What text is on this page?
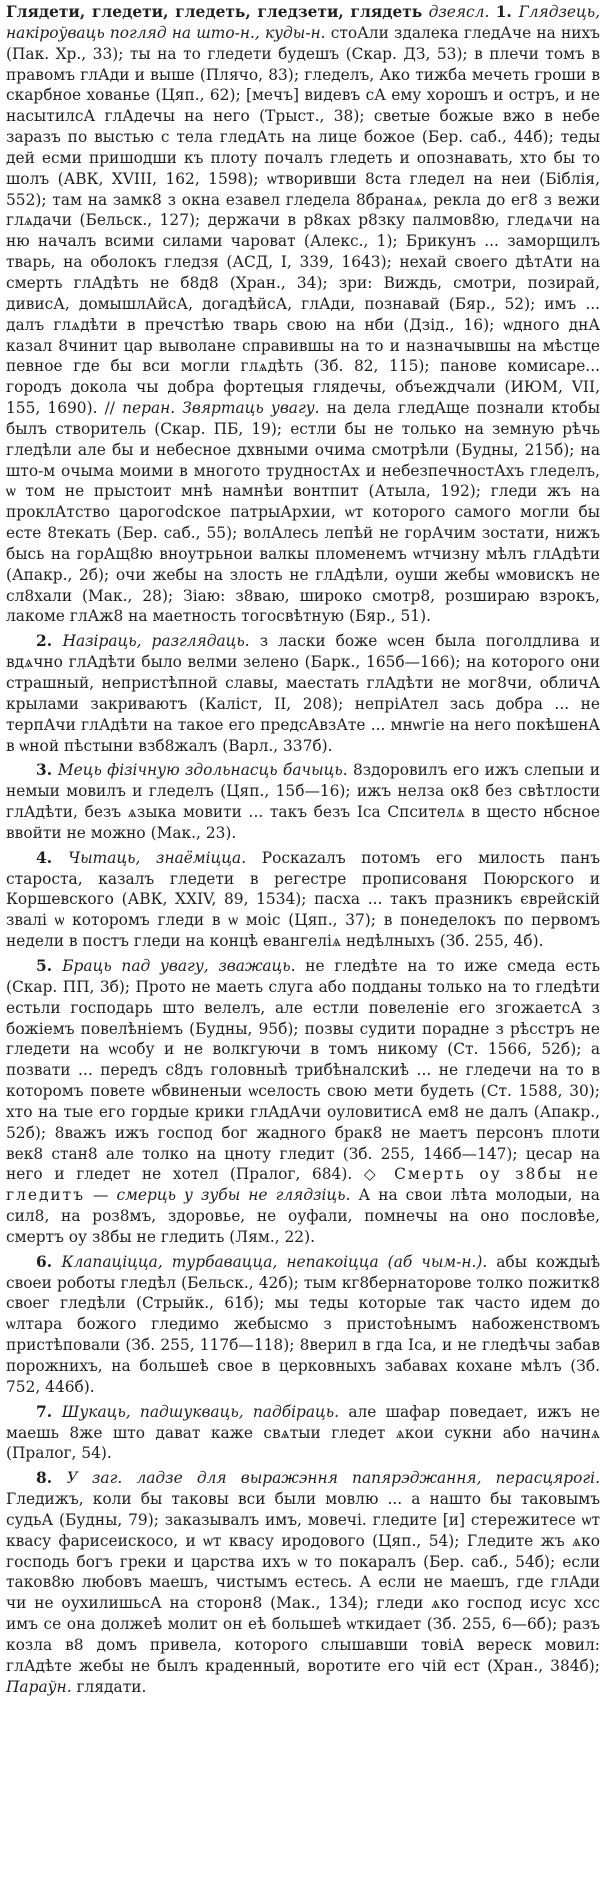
Глядети, гледети, гледеть, гледзети, глядеть дзеясл. 1. Глядзець, накіроўваць погляд на што-н., куды-н. стоАли здалека гледАче на нихъ (Пак. Хр., 33); ты на то гледети будешъ (Скар. ДЗ, 53); в плечи томъ в правомъ глАди и выше (Плячо, 83); гледелъ, Ако тижба мечеть гроши в скарбное хованье (Цяп., 62); [мечъ] видевъ сА ему хорошъ и остръ, и не насытилсА глАдечы на него (Трыст., 38); светые божые вжо в небе заразъ по выстью с тела гледАть на лице божое (Бер. саб., 44б); теды дей есми пришодши къ плоту почалъ гледеть и опознавать, хто бы то шолъ (АВК, XVIII, 162, 1598); ѡтворивши 8ста гледел на неи (Біблія, 552); там на замк8 з окна езавел гледела 8бранаѧ, рекла до ег8 з вежи глѧдачи (Бельск., 127); держачи в р8ках р8зку палмов8ю, гледѧчи на ню началъ всими силами чароват (Алекс., 1); Брикунъ ... заморщилъ тварь, на оболокъ гледзя (АСД, I, 339, 1643); нехай своего дѣтАти на смерть глАдѣть не б8д8 (Хран., 34); зри: Виждь, смотри, позирай, дивисА, домышлАйсА, догадѣйсА, глАди, познавай (Бяр., 52); имъ ... далъ глѧдѣти в пречстѣю тварь свою на нби (Дзід., 16); ѡдного днА казал 8чинит цар выволане справившы на то и назначывшы на мѣстце певное где бы вси могли глѧдѣть (Зб. 82, 115); панове комисаре... городъ докола чы добра фортецыя глядечы, объеждчали (ИЮМ, VII, 155, 1690). // перан. Звяртаць увагу. на дела гледАще познали ктобы былъ створитель (Скар. ПБ, 19); естли бы не только на земную рѣчь гледѣли але бы и небесное дхвными очима смотрѣли (Будны, 215б); на што-м очыма моими в многото трудностАх и небезпечностАхъ гледелъ, ѡ том не прыстоит мнѣ намнѣи вонтпит (Атыла, 192); гледи жъ на проклАтство царогоdское патрыАрхии, ѡт которого самого могли бы есте 8текать (Бер. саб., 55); волАлесь лепѣй не горАчим зостати, нижъ бысь на горАщ8ю вноутрьнои валкы пломенемъ ѡтчизну мѣлъ глАдѣти (Апакр., 2б); очи жебы на злость не глАдѣли, оуши жебы ѡмовискъ не сл8хали (Мак., 28); Зіаю: з8ваю, широко смотр8, розшираю взрокъ, лакоме глАж8 на маетность тогосвѣтную (Бяр., 51).

2. Назіраць, разглядаць. з ласки боже ѡсен была поголдлива и вдѧчно глАдѣти было велми зелено (Барк., 165б—166); на которого они страшный, непристѣпной славы, маестать глАдѣти не мог8чи, обличА крылами закриваютъ (Каліст, II, 208); непріАтел зась добра ... не терпАчи глАдѣти на такое его предсАвзАте ... мнѡгіе на него покѣшенА в ѡной пѣстыни взб8жалъ (Варл., 337б).

3. Мець фізічную здольнасць бачыць. 8здоровилъ его ижъ слепыи и немыи мовилъ и гледелъ (Цяп., 15б—16); ижъ нелза ок8 без свѣтлости глАдѣти, безъ ѧзыка мовити ... такъ безъ Іса Спсителѧ в щесто нбсное ввойти не можно (Мак., 23).

4. Чытаць, знаёміцца. Роскazалъ потомъ его милость панъ староста, казалъ гледети в регестре прописованя Поюрского и Коршевского (АВК, XXIV, 89, 1534); пасха ... такъ празникъ єврейскій звалі ѡ которомъ гледи в ѡ моіс (Цяп., 37); в понеделокъ по первомъ недели в постъ гледи на концѣ евангеліѧ недѣлныхъ (Зб. 255, 4б).

5. Браць пад увагу, зважаць. не гледѣте на то иже смеда есть (Скар. ПП, 3б); Прото не маеть слуга або подданы только на то гледѣти естьли господарь што велелъ, але естли повеленіе его згожаетсА з божіемъ повелѣніемъ (Будны, 95б); позвы судити порадне з рѣсстръ не гледети на ѡсобу и не волкгуючи в томъ никому (Ст. 1566, 52б); а позвати ... передъ с8дъ головныѣ трибѣналскиѣ ... не гледечи на то в которомъ повете ѡбвиненыи ѡселость свою мети будеть (Ст. 1588, 30); хто на тые его гордые крики глАдАчи оуловитисА ем8 не далъ (Апакр., 52б); 8важъ ижъ господ бог жадного брак8 не маетъ персонъ плоти век8 стан8 але толко на цноту гледит (Зб. 255, 146б—147); цесар на него и гледет не хотел (Пралог, 684). ◇ Смерть оу з8бы не гледитъ — смерць у зубы не глядзіць. А на свои лѣта молодыи, на сил8, на роз8мъ, здоровье, не оуфали, помнечы на оно пословѣе, смертъ оу з8бы не гледить (Лям., 22).

6. Клапаціцца, турбавацца, непакоіцца (аб чым-н.). абы кождыѣ своеи роботы гледѣл (Бельск., 42б); тым кг8бернаторове толко пожитк8 своег гледѣли (Стрыйк., 61б); мы теды которые так часто идем до ѡлтара божого гледимо жебысмо з пристоѣнымъ набоженствомъ пристѣповали (Зб. 255, 117б—118); 8верил в гда Іса, и не гледѣчы забав порожнихъ, на большеѣ свое в церковныхъ забавах кохане мѣлъ (Зб. 752, 446б).

7. Шукаць, падшукваць, падбіраць. але шафар поведает, ижъ не маешь 8же што дават каже свѧтыи гледет ѧкои сукни або начинѧ (Пралог, 54).

8. У заг. ладзе для выражэння папярэджання, перасцярогі. Гледижъ, коли бы таковы вси были мовлю ... а нашто бы таковымъ судьА (Будны, 79); заказывалъ имъ, мовечі. гледите [и] стережитесе ѡт квасу фарисеискосо, и ѡт квасу иродового (Цяп., 54); Гледите жъ ѧко господь богъ греки и царства ихъ ѡ то покаралъ (Бер. саб., 54б); если таков8ю любовъ маешъ, чистымъ естесь. А если не маешъ, где глАди чи не оухилишьсА на сторон8 (Мак., 134); гледи ѧко господ исус хсс имъ се она должеѣ молит он еѣ большеѣ ѡткидает (Зб. 255, 6—6б); разъ козла в8 домъ привела, которого слышавши товіА вереск мовил: глАдѣте жебы не былъ краденный, воротите его чій ест (Хран., 384б); Параўн. глядати.
